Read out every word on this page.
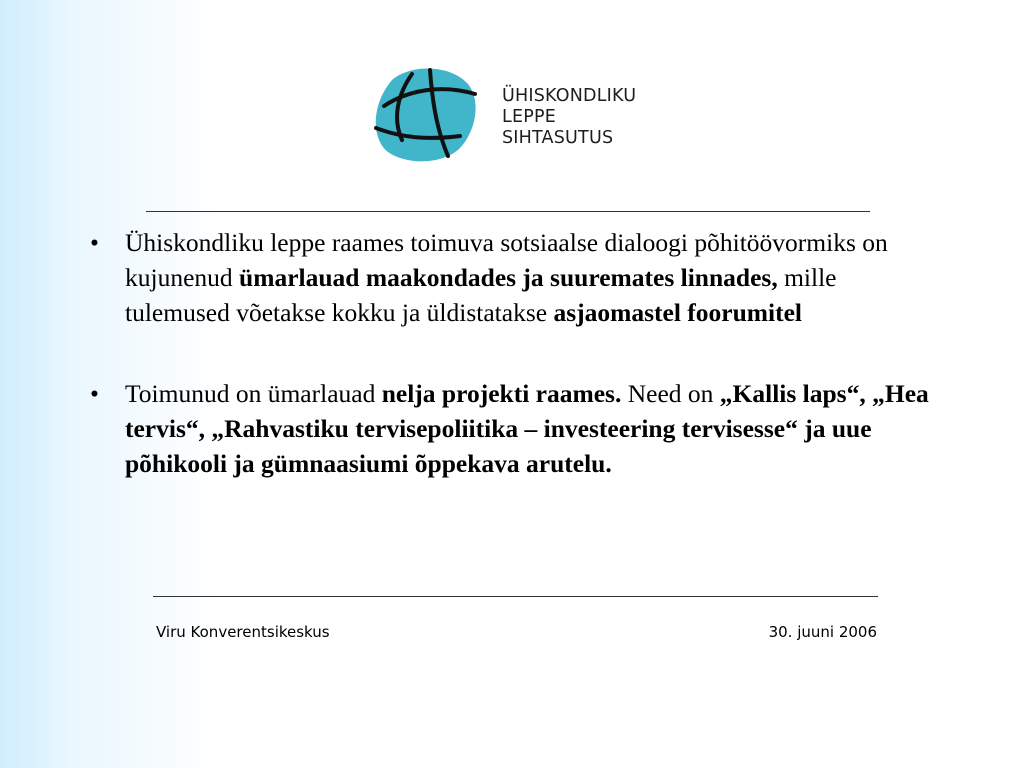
ÜHISKONDLIKU
LEPPE
SIHTASUTUS
• Ühiskondliku leppe raames toimuva sotsiaalse dialoogi põhitöövormiks on kujunenud ümarlauad maakondades ja suuremates linnades, mille tulemused võetakse kokku ja üldistatakse asjaomastel foorumitel
• Toimunud on ümarlauad nelja projekti raames. Need on „Kallis laps“, „Hea tervis“, „Rahvastiku tervisepoliitika – investeering tervisesse“ ja uue põhikooli ja gümnaasiumi õppekava arutelu.
Viru Konverentsikeskus	30. juuni 2006
